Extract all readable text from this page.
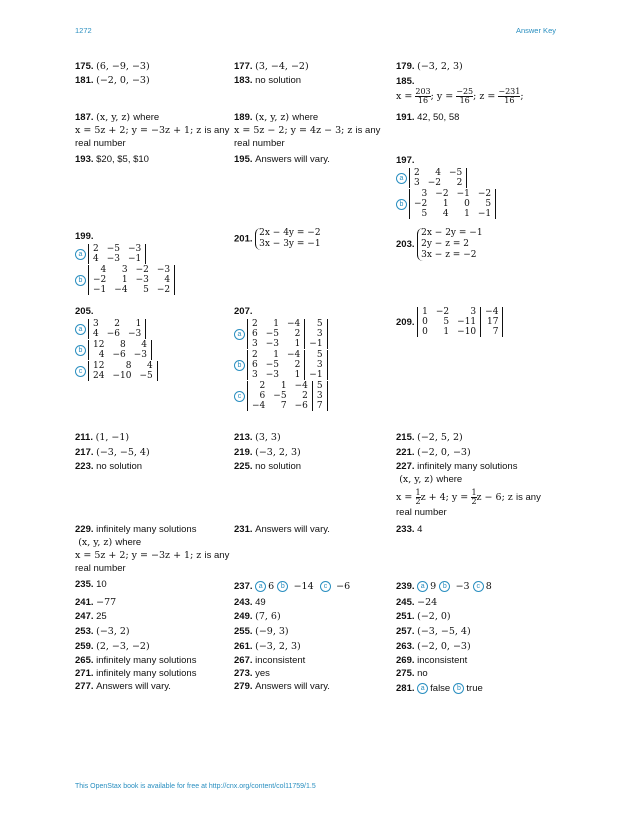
1272	Answer Key
This OpenStax book is available for free at http://cnx.org/content/col11759/1.5
175. (6, −9, −3)	177. (3, −4, −2)	179. (−3, 2, 3)
181. (−2, 0, −3)	183. no solution	185.
$x = \frac{203}{16}$ ; $y = \frac{-25}{16}$ ; $z = \frac{-231}{16}$ ;
187. (x, y, z) where
x = 5z + 2; y = −3z + 1; z is any
real number
189. (x, y, z) where
x = 5z − 2; y = 4z − 3; z is any
real number
191. 42, 50, 58
193. $20, $5, $10	195. Answers will vary.	197.
a	2	4	−5
3	−2	2
b
3	−2	−1	−2
−2	1	0	5
5	4	1	−1
199.
a	2	−5	−3
4	−3	−1
b
4	3	−2	−3
−2	1	−3	4
−1	−4	5	−2
201.
2x − 4y = −2
3x − 3y = −1	203.
2x − 2y = −1
2y − z = 2
3x − z = −2
205.
a	3	2	1
4	−6	−3
b	12	8	4
4	−6	−3
c	12	8	4
24	−10	−5
207.
a
2	1	−4	5
6	−5	2	3
3	−3	1	−1
b
2	1	−4	5
6	−5	2	3
3	−3	1	−1
c
2	1	−4	5
6	−5	2	3
−4	7	−6	7
209 .
1	−2	3	−4
0	5	−11	17
0	1	−10	7
211. (1, −1)	213. (3, 3)	215. (−2, 5, 2)
217. (−3, −5, 4)	219. (−3, 2, 3)	221. (−2, 0, −3)
223. no solution	225. no solution	227. infinitely many solutions
(x, y, z) where

$x = \frac{1}{2}$ z + 4; $y = \frac{1}{2}$ z − 6; z is any
real number
229. infinitely many solutions
(x, y, z) where
x = 5z + 2; y = −3z + 1; z is any
real number
231. Answers will vary.	233. 4
235. 10	237. a 6 b −14 c −6	239. a 9 b −3 c 8
241. −77	243. 49	245. −24
247. 25	249. (7, 6)	251. (−2, 0)
253. (−3, 2)	255. (−9, 3)	257. (−3, −5, 4)
259. (2, −3, −2)	261. (−3, 2, 3)	263. (−2, 0, −3)
265. infinitely many solutions	267. inconsistent	269. inconsistent
271. infinitely many solutions	273. yes	275. no
277. Answers will vary.	279. Answers will vary.	281. a false b true
